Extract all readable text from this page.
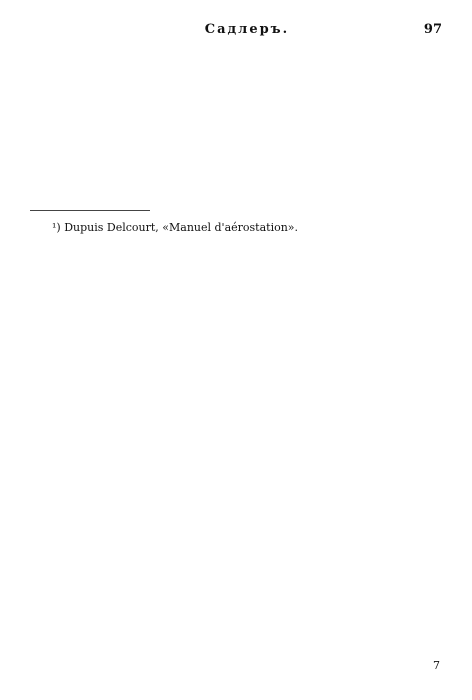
Садлеръ.	97

¹) Dupuis Delcourt, «Manuel d'aérostation».
7
